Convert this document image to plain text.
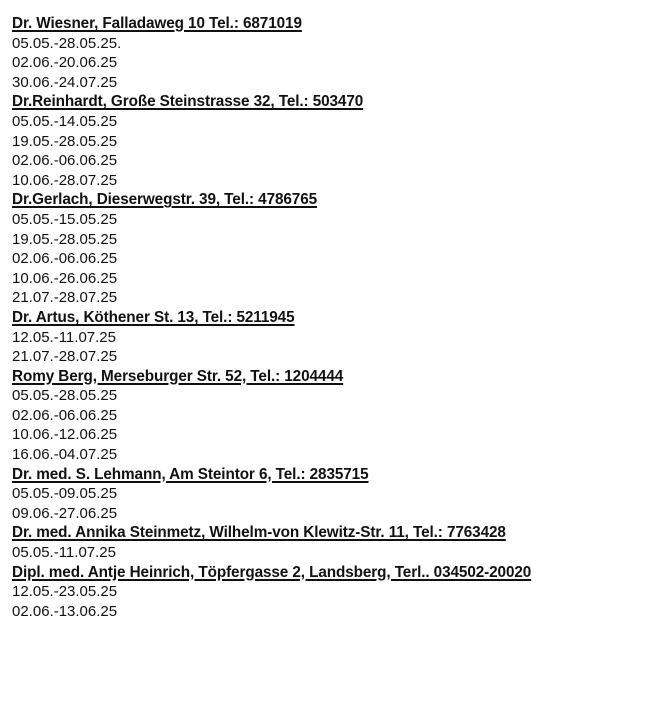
Dr. Wiesner, Falladaweg 10 Tel.: 6871019
05.05.-28.05.25.
02.06.-20.06.25
30.06.-24.07.25
Dr.Reinhardt, Große Steinstrasse 32, Tel.: 503470
05.05.-14.05.25
19.05.-28.05.25
02.06.-06.06.25
10.06.-28.07.25
Dr.Gerlach, Dieserwegstr. 39, Tel.: 4786765
05.05.-15.05.25
19.05.-28.05.25
02.06.-06.06.25
10.06.-26.06.25
21.07.-28.07.25
Dr. Artus, Köthener St. 13, Tel.: 5211945
12.05.-11.07.25
21.07.-28.07.25
Romy Berg, Merseburger Str. 52, Tel.: 1204444
05.05.-28.05.25
02.06.-06.06.25
10.06.-12.06.25
16.06.-04.07.25
Dr. med. S. Lehmann, Am Steintor 6, Tel.: 2835715
05.05.-09.05.25
09.06.-27.06.25
Dr. med. Annika Steinmetz, Wilhelm-von Klewitz-Str. 11, Tel.: 7763428
05.05.-11.07.25
Dipl. med. Antje Heinrich, Töpfergasse 2, Landsberg, Terl.. 034502-20020
12.05.-23.05.25
02.06.-13.06.25
